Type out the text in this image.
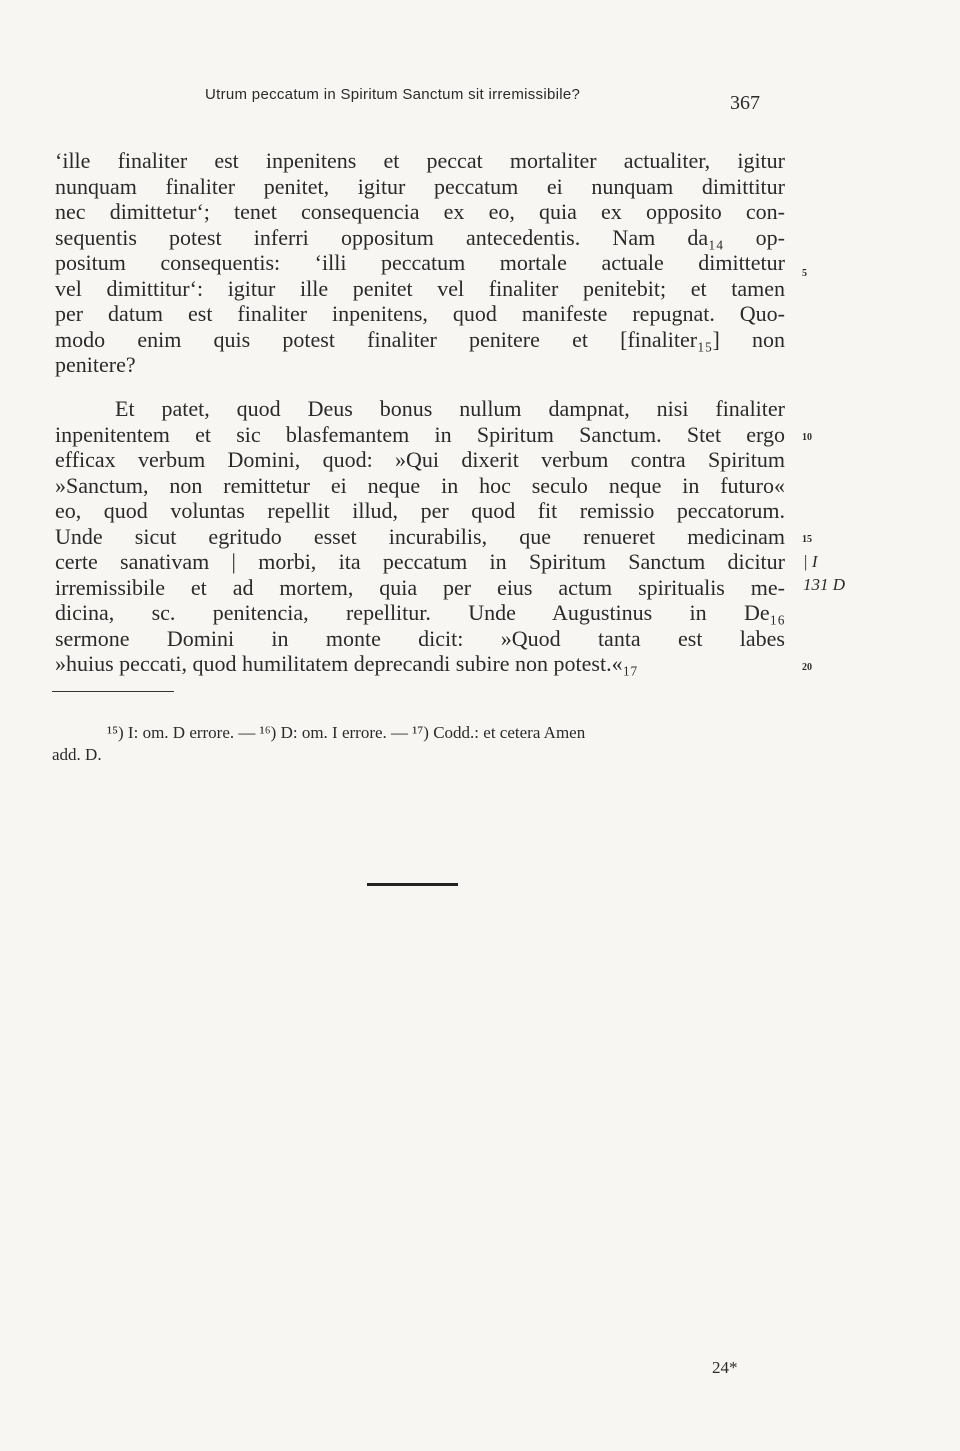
Utrum peccatum in Spiritum Sanctum sit irremissibile?	367
‘ille finaliter est inpenitens et peccat mortaliter actualiter, igitur
nunquam finaliter penitet, igitur peccatum ei nunquam dimittitur
nec dimittetur‘; tenet consequencia ex eo, quia ex opposito con-
sequentis potest inferri oppositum antecedentis. Nam da₁₄ op-
positum consequentis: ‘illi peccatum mortale actuale dimittetur
vel dimittitur‘: igitur ille penitet vel finaliter penitebit; et tamen
per datum est finaliter inpenitens, quod manifeste repugnat. Quo-
modo enim quis potest finaliter penitere et [finaliter₁₅] non
penitere?
Et patet, quod Deus bonus nullum dampnat, nisi finaliter
inpenitentem et sic blasfemantem in Spiritum Sanctum. Stet ergo
efficax verbum Domini, quod: »Qui dixerit verbum contra Spiritum
»Sanctum, non remittetur ei neque in hoc seculo neque in futuro«
eo, quod voluntas repellit illud, per quod fit remissio peccatorum.
Unde sicut egritudo esset incurabilis, que renueret medicinam
certe sanativam | morbi, ita peccatum in Spiritum Sanctum dicitur
irremissibile et ad mortem, quia per eius actum spiritualis me-
dicina, sc. penitencia, repellitur. Unde Augustinus in De₁₆
sermone Domini in monte dicit: »Quod tanta est labes
»huius peccati, quod humilitatem deprecandi subire non potest.«₁₇
5
10
15
20
| I
131 D
¹⁵) I: om. D errore. — ¹⁶) D: om. I errore. — ¹⁷) Codd.: et cetera Amen
add. D.
24*
